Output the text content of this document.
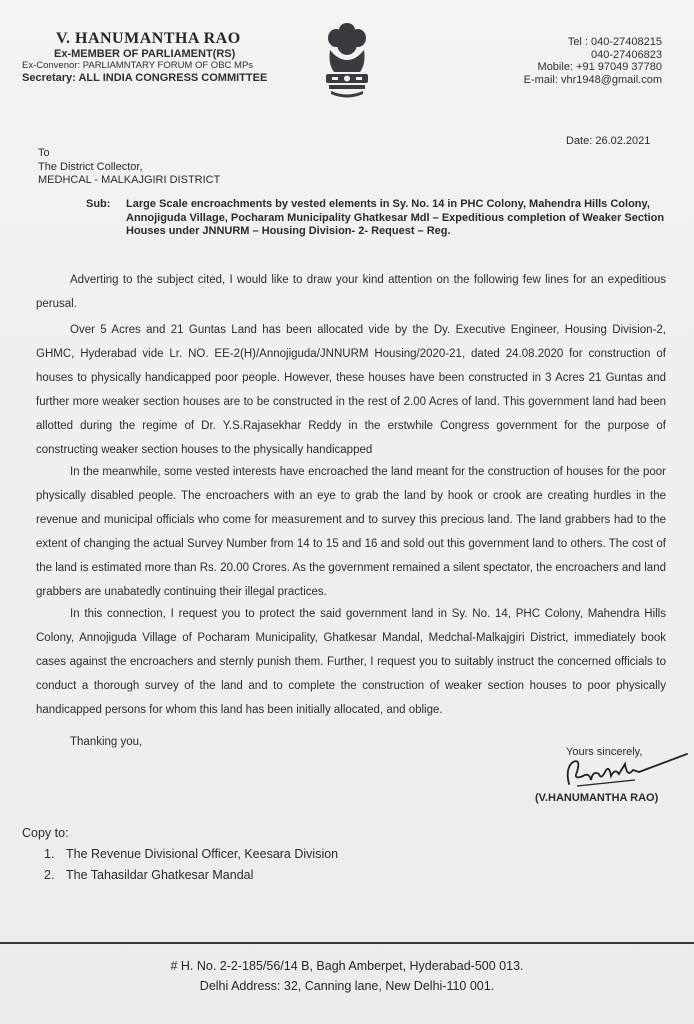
V. HANUMANTHA RAO
Ex-MEMBER OF PARLIAMENT(RS)
Ex-Convenor: PARLIAMNTARY FORUM OF OBC MPs
Secretary: ALL INDIA CONGRESS COMMITTEE
Tel : 040-27408215
040-27406823
Mobile: +91 97049 37780
E-mail: vhr1948@gmail.com
Date: 26.02.2021
To
The District Collector,
MEDHCAL - MALKAJGIRI DISTRICT
Sub: Large Scale encroachments by vested elements in Sy. No. 14 in PHC Colony, Mahendra Hills Colony, Annojiguda Village, Pocharam Municipality Ghatkesar Mdl – Expeditious completion of Weaker Section Houses under JNNURM – Housing Division- 2- Request – Reg.
Adverting to the subject cited, I would like to draw your kind attention on the following few lines for an expeditious perusal.
Over 5 Acres and 21 Guntas Land has been allocated vide by the Dy. Executive Engineer, Housing Division-2, GHMC, Hyderabad vide Lr. NO. EE-2(H)/Annojiguda/JNNURM Housing/2020-21, dated 24.08.2020 for construction of houses to physically handicapped poor people. However, these houses have been constructed in 3 Acres 21 Guntas and further more weaker section houses are to be constructed in the rest of 2.00 Acres of land. This government land had been allotted during the regime of Dr. Y.S.Rajasekhar Reddy in the erstwhile Congress government for the purpose of constructing weaker section houses to the physically handicapped
In the meanwhile, some vested interests have encroached the land meant for the construction of houses for the poor physically disabled people. The encroachers with an eye to grab the land by hook or crook are creating hurdles in the revenue and municipal officials who come for measurement and to survey this precious land. The land grabbers had to the extent of changing the actual Survey Number from 14 to 15 and 16 and sold out this government land to others. The cost of the land is estimated more than Rs. 20.00 Crores. As the government remained a silent spectator, the encroachers and land grabbers are unabatedly continuing their illegal practices.
In this connection, I request you to protect the said government land in Sy. No. 14, PHC Colony, Mahendra Hills Colony, Annojiguda Village of Pocharam Municipality, Ghatkesar Mandal, Medchal-Malkajgiri District, immediately book cases against the encroachers and sternly punish them. Further, I request you to suitably instruct the concerned officials to conduct a thorough survey of the land and to complete the construction of weaker section houses to poor physically handicapped persons for whom this land has been initially allocated, and oblige.
Thanking you,
Yours sincerely,
(V.HANUMANTHA RAO)
Copy to:
1. The Revenue Divisional Officer, Keesara Division
2. The Tahasildar Ghatkesar Mandal
# H. No. 2-2-185/56/14 B, Bagh Amberpet, Hyderabad-500 013.
Delhi Address: 32, Canning lane, New Delhi-110 001.
